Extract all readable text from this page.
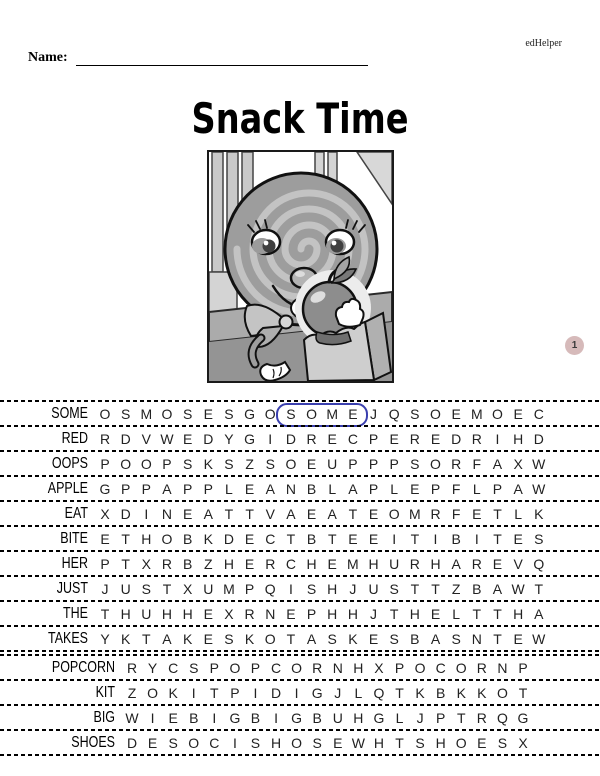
edHelper
Name:
Snack Time
1
SOME O S M O S E S G O S O M E J Q S O E M O E C
RED R D V W E D Y G I D R E C P E R E D R I H D
OOPS P O O P S K S Z S O E U P P P S O R F A X W
APPLE G P P A P P L E A N B L A P L E P F L P A W
EAT X D I N E A T T V A E A T E O M R F E T L K
BITE E T H O B K D E C T B T E E	I	T	I	B	I	T E S
HER P T X R B Z H E R C H E M H U R H A R E V Q
JUST J U S T X U M P Q I	S H J U S T T Z B A W T
THE T H U H H E X R N E P H H J T H E L T T H A
TAKES Y K T A K E S K O T A S K E S B A S N T E W
POPCORN R Y C S P O P C O R N H X P O C O R N P
KIT Z O K I	T P I D I G J L Q T K B K K O T
BIG W I E B I G B I G B U H G L J P T R Q G
SHOES D E S O C I S H O S E W H T S H O E S X
